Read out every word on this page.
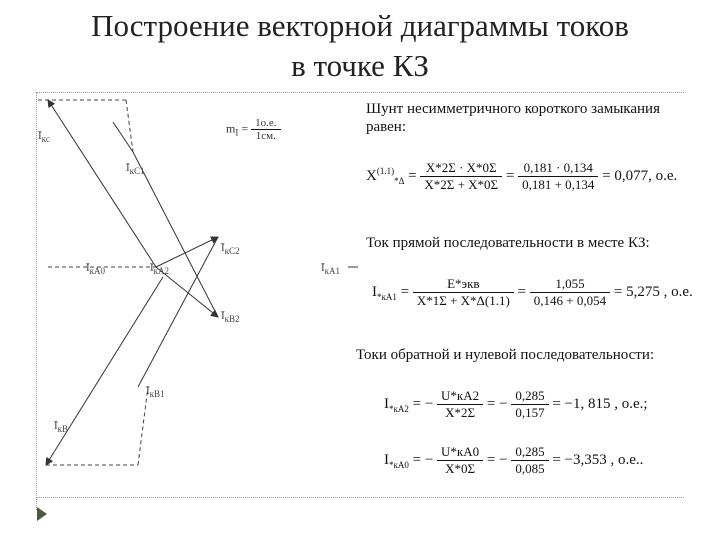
Построение векторной диаграммы токов
в точке КЗ
$Ī_{кс}$
$Ī_{кС1}$
$Ī_{кС2}$
$Ī_{кА0}$	$Ī_{кА2}$	$Ī_{кА1}$
$Ī_{кВ2}$
$Ī_{кВ1}$
$Ī_{кВ}$
$m_I = \frac{1о.е.}{1см.}$
Шунт несимметричного короткого замыкания равен:
$X^{(1.1)}_{*\Delta} = \frac{X*2\Sigma \cdot X*0\Sigma}{X*2\Sigma + X*0\Sigma} = \frac{0,181 \cdot 0,134}{0,181 + 0,134} = 0,077$, о.е.
Ток прямой последовательности в месте КЗ:
$I_{*кА1} = \frac{\text{E*экв}}{X*1\Sigma + X*\Delta(1.1)} = \frac{1,055}{0,146 + 0,054} = 5,275$ , о.е.
Токи обратной и нулевой последовательности:
$I_{*кА2}$ = − $\frac{U*кА2}{X*2\Sigma}$ = − $\frac{0,285}{0,157} = -1$, 815 , о.е.;
$I_{*кА0}$ = − $\frac{U*кА0}{X*0\Sigma}$ = − $\frac{0,285}{0,085} = -3,353$ , о.е..
